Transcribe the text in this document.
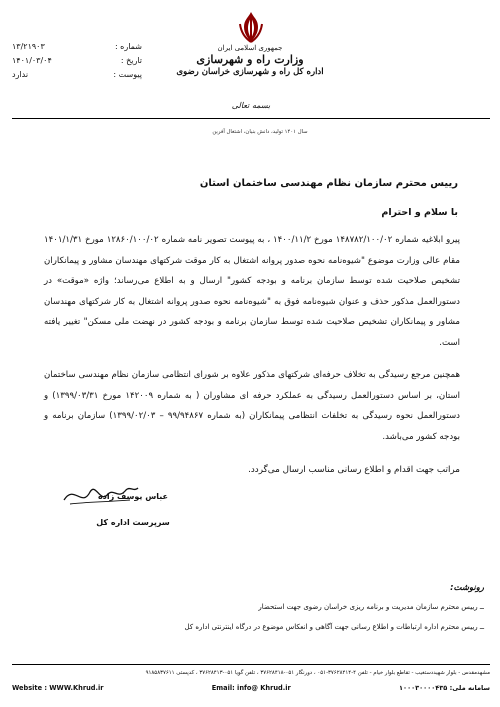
جمهوری اسلامی ایران
وزارت راه و شهرسازی
اداره کل راه و شهرسازی خراسان رضوی
۱۳/۲۱۹۰۳	شماره :
۱۴۰۱/۰۳/۰۴	تاریخ :
ندارد	پیوست :
بسمه تعالی
سال ۱۴۰۱ تولید، دانش بنیان، اشتغال آفرین
رییس محترم سازمان نظام مهندسی ساختمان استان
با سلام و احترام
پیرو ابلاغیه شماره ۱۴۸۷۸۲/۱۰۰/۰۲ مورخ ۱۴۰۰/۱۱/۲ ، به پیوست تصویر نامه شماره ۱۲۸۶۰/۱۰۰/۰۲ مورخ ۱۴۰۱/۱/۳۱ مقام عالی وزارت موضوع "شیوه‌نامه نحوه صدور پروانه اشتغال به کار موقت شرکتهای مهندسان مشاور و پیمانکاران تشخیص صلاحیت شده توسط سازمان برنامه و بودجه کشور" ارسال و به اطلاع می‌رساند؛ واژه «موقت» در دستورالعمل مذکور حذف و عنوان شیوه‌نامه فوق به "شیوه‌نامه نحوه صدور پروانه اشتغال به کار شرکتهای مهندسان مشاور و پیمانکاران تشخیص صلاحیت شده توسط سازمان برنامه و بودجه کشور در نهضت ملی مسکن" تغییر یافته است.
همچنین مرجع رسیدگی به تخلاف حرفه‌ای شرکتهای مذکور علاوه بر شورای انتظامی سازمان نظام مهندسی ساختمان استان، بر اساس دستورالعمل رسیدگی به عملکرد حرفه ای مشاوران ( به شماره ۱۴۲۰۰۹ مورخ ۱۳۹۹/۰۳/۳۱) و دستورالعمل نحوه رسیدگی به تخلفات انتظامی پیمانکاران (به شماره ۹۹/۹۴۸۶۷ – ۱۳۹۹/۰۲/۰۳) سازمان برنامه و بودجه کشور می‌باشد.
مراتب جهت اقدام و اطلاع رسانی مناسب ارسال می‌گردد.
عباس یوسف زاده
سرپرست اداره کل
رونوشت:
ــ رییس محترم سازمان مدیریت و برنامه ریزی خراسان رضوی جهت استحضار
ــ رییس محترم اداره ارتباطات و اطلاع رسانی جهت آگاهی و انعکاس موضوع در درگاه اینترنتی اداره کل
مشهدمقدس - بلوار شهیددستغیب - تقاطع بلوار خیام - تلفن ۴-۳۷۶۲۸۴۱۴-۰۵۱ ، دورنگار ۰۵۱-۳۷۶۲۸۴۱۸ ، تلفن گویا ۰۵۱-۳۷۶۲۸۴۱۳ ، کدپستی ۹۱۸۵۸۳۷۶۱۱
Website : WWW.Khrud.ir	Email: info@ Khrud.ir	سامانه ملی: ۱۰۰۰۳۰۰۰۰۴۳۵
